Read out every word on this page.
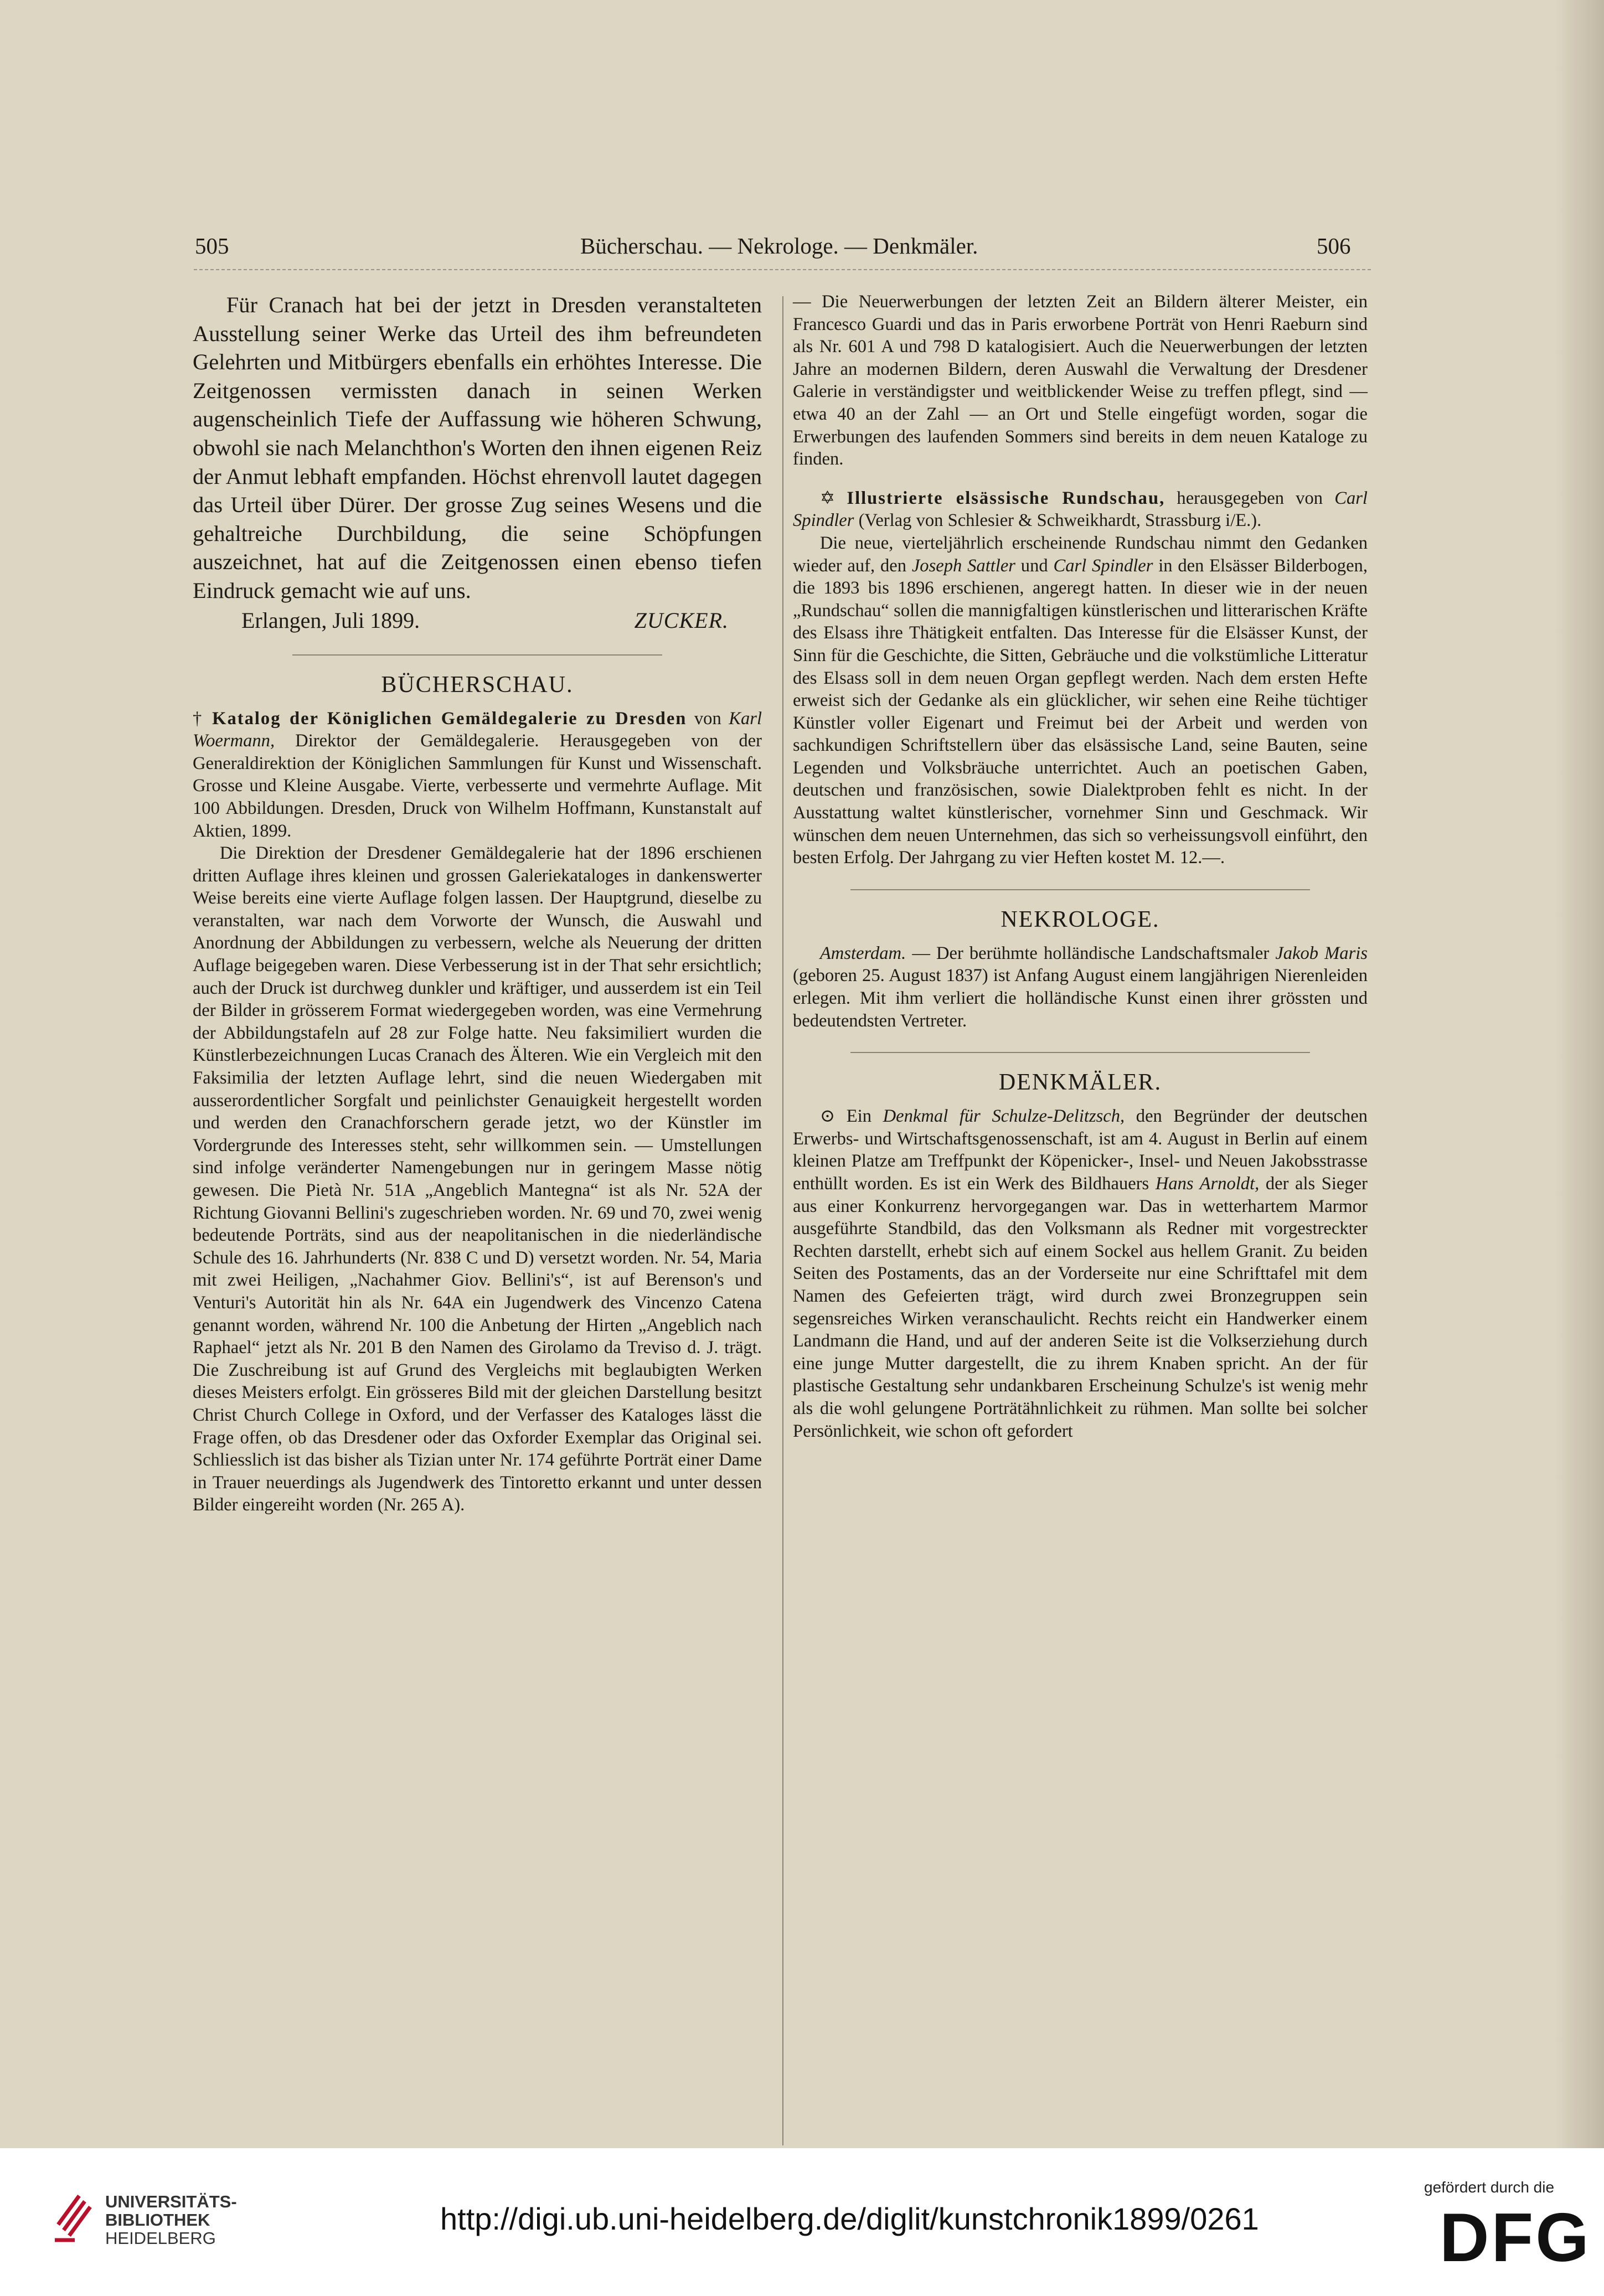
505	Bücherschau. — Nekrologe. — Denkmäler.	506

Für Cranach hat bei der jetzt in Dresden veranstalteten Ausstellung seiner Werke das Urteil des ihm befreundeten Gelehrten und Mitbürgers ebenfalls ein erhöhtes Interesse. Die Zeitgenossen vermissten danach in seinen Werken augenscheinlich Tiefe der Auffassung wie höheren Schwung, obwohl sie nach Melanchthon's Worten den ihnen eigenen Reiz der Anmut lebhaft empfanden. Höchst ehrenvoll lautet dagegen das Urteil über Dürer. Der grosse Zug seines Wesens und die gehaltreiche Durchbildung, die seine Schöpfungen auszeichnet, hat auf die Zeitgenossen einen ebenso tiefen Eindruck gemacht wie auf uns.

Erlangen, Juli 1899.	ZUCKER.
BÜCHERSCHAU.

† Katalog der Königlichen Gemäldegalerie zu Dresden von Karl Woermann, Direktor der Gemäldegalerie. Herausgegeben von der Generaldirektion der Königlichen Sammlungen für Kunst und Wissenschaft. Grosse und Kleine Ausgabe. Vierte, verbesserte und vermehrte Auflage. Mit 100 Abbildungen. Dresden, Druck von Wilhelm Hoffmann, Kunstanstalt auf Aktien, 1899.

Die Direktion der Dresdener Gemäldegalerie hat der 1896 erschienen dritten Auflage ihres kleinen und grossen Galeriekataloges in dankenswerter Weise bereits eine vierte Auflage folgen lassen. Der Hauptgrund, dieselbe zu veranstalten, war nach dem Vorworte der Wunsch, die Auswahl und Anordnung der Abbildungen zu verbessern, welche als Neuerung der dritten Auflage beigegeben waren. Diese Verbesserung ist in der That sehr ersichtlich; auch der Druck ist durchweg dunkler und kräftiger, und ausserdem ist ein Teil der Bilder in grösserem Format wiedergegeben worden, was eine Vermehrung der Abbildungstafeln auf 28 zur Folge hatte. Neu faksimiliert wurden die Künstlerbezeichnungen Lucas Cranach des Älteren. Wie ein Vergleich mit den Faksimilia der letzten Auflage lehrt, sind die neuen Wiedergaben mit ausserordentlicher Sorgfalt und peinlichster Genauigkeit hergestellt worden und werden den Cranachforschern gerade jetzt, wo der Künstler im Vordergrunde des Interesses steht, sehr willkommen sein. — Umstellungen sind infolge veränderter Namengebungen nur in geringem Masse nötig gewesen. Die Pietà Nr. 51A „Angeblich Mantegna“ ist als Nr. 52A der Richtung Giovanni Bellini's zugeschrieben worden. Nr. 69 und 70, zwei wenig bedeutende Porträts, sind aus der neapolitanischen in die niederländische Schule des 16. Jahrhunderts (Nr. 838 C und D) versetzt worden. Nr. 54, Maria mit zwei Heiligen, „Nachahmer Giov. Bellini's“, ist auf Berenson's und Venturi's Autorität hin als Nr. 64A ein Jugendwerk des Vincenzo Catena genannt worden, während Nr. 100 die Anbetung der Hirten „Angeblich nach Raphael“ jetzt als Nr. 201 B den Namen des Girolamo da Treviso d. J. trägt. Die Zuschreibung ist auf Grund des Vergleichs mit beglaubigten Werken dieses Meisters erfolgt. Ein grösseres Bild mit der gleichen Darstellung besitzt Christ Church College in Oxford, und der Verfasser des Kataloges lässt die Frage offen, ob das Dresdener oder das Oxforder Exemplar das Original sei. Schliesslich ist das bisher als Tizian unter Nr. 174 geführte Porträt einer Dame in Trauer neuerdings als Jugendwerk des Tintoretto erkannt und unter dessen Bilder eingereiht worden (Nr. 265 A).

— Die Neuerwerbungen der letzten Zeit an Bildern älterer Meister, ein Francesco Guardi und das in Paris erworbene Porträt von Henri Raeburn sind als Nr. 601 A und 798 D katalogisiert. Auch die Neuerwerbungen der letzten Jahre an modernen Bildern, deren Auswahl die Verwaltung der Dresdener Galerie in verständigster und weitblickender Weise zu treffen pflegt, sind — etwa 40 an der Zahl — an Ort und Stelle eingefügt worden, sogar die Erwerbungen des laufenden Sommers sind bereits in dem neuen Kataloge zu finden.

✡ Illustrierte elsässische Rundschau, herausgegeben von Carl Spindler (Verlag von Schlesier & Schweikhardt, Strassburg i/E.).

Die neue, vierteljährlich erscheinende Rundschau nimmt den Gedanken wieder auf, den Joseph Sattler und Carl Spindler in den Elsässer Bilderbogen, die 1893 bis 1896 erschienen, angeregt hatten. In dieser wie in der neuen „Rundschau“ sollen die mannigfaltigen künstlerischen und litterarischen Kräfte des Elsass ihre Thätigkeit entfalten. Das Interesse für die Elsässer Kunst, der Sinn für die Geschichte, die Sitten, Gebräuche und die volkstümliche Litteratur des Elsass soll in dem neuen Organ gepflegt werden. Nach dem ersten Hefte erweist sich der Gedanke als ein glücklicher, wir sehen eine Reihe tüchtiger Künstler voller Eigenart und Freimut bei der Arbeit und werden von sachkundigen Schriftstellern über das elsässische Land, seine Bauten, seine Legenden und Volksbräuche unterrichtet. Auch an poetischen Gaben, deutschen und französischen, sowie Dialektproben fehlt es nicht. In der Ausstattung waltet künstlerischer, vornehmer Sinn und Geschmack. Wir wünschen dem neuen Unternehmen, das sich so verheissungsvoll einführt, den besten Erfolg. Der Jahrgang zu vier Heften kostet M. 12.—.

NEKROLOGE.

Amsterdam. — Der berühmte holländische Landschaftsmaler Jakob Maris (geboren 25. August 1837) ist Anfang August einem langjährigen Nierenleiden erlegen. Mit ihm verliert die holländische Kunst einen ihrer grössten und bedeutendsten Vertreter.

DENKMÄLER.

⊙ Ein Denkmal für Schulze-Delitzsch, den Begründer der deutschen Erwerbs- und Wirtschaftsgenossenschaft, ist am 4. August in Berlin auf einem kleinen Platze am Treffpunkt der Köpenicker-, Insel- und Neuen Jakobsstrasse enthüllt worden. Es ist ein Werk des Bildhauers Hans Arnoldt, der als Sieger aus einer Konkurrenz hervorgegangen war. Das in wetterhartem Marmor ausgeführte Standbild, das den Volksmann als Redner mit vorgestreckter Rechten darstellt, erhebt sich auf einem Sockel aus hellem Granit. Zu beiden Seiten des Postaments, das an der Vorderseite nur eine Schrifttafel mit dem Namen des Gefeierten trägt, wird durch zwei Bronzegruppen sein segensreiches Wirken veranschaulicht. Rechts reicht ein Handwerker einem Landmann die Hand, und auf der anderen Seite ist die Volkserziehung durch eine junge Mutter dargestellt, die zu ihrem Knaben spricht. An der für plastische Gestaltung sehr undankbaren Erscheinung Schulze's ist wenig mehr als die wohl gelungene Porträtähnlichkeit zu rühmen. Man sollte bei solcher Persönlichkeit, wie schon oft gefordert

UNIVERSITÄTS-
BIBLIOTHEK
HEIDELBERG
http://digi.ub.uni-heidelberg.de/diglit/kunstchronik1899/0261
gefördert durch die
DFG
